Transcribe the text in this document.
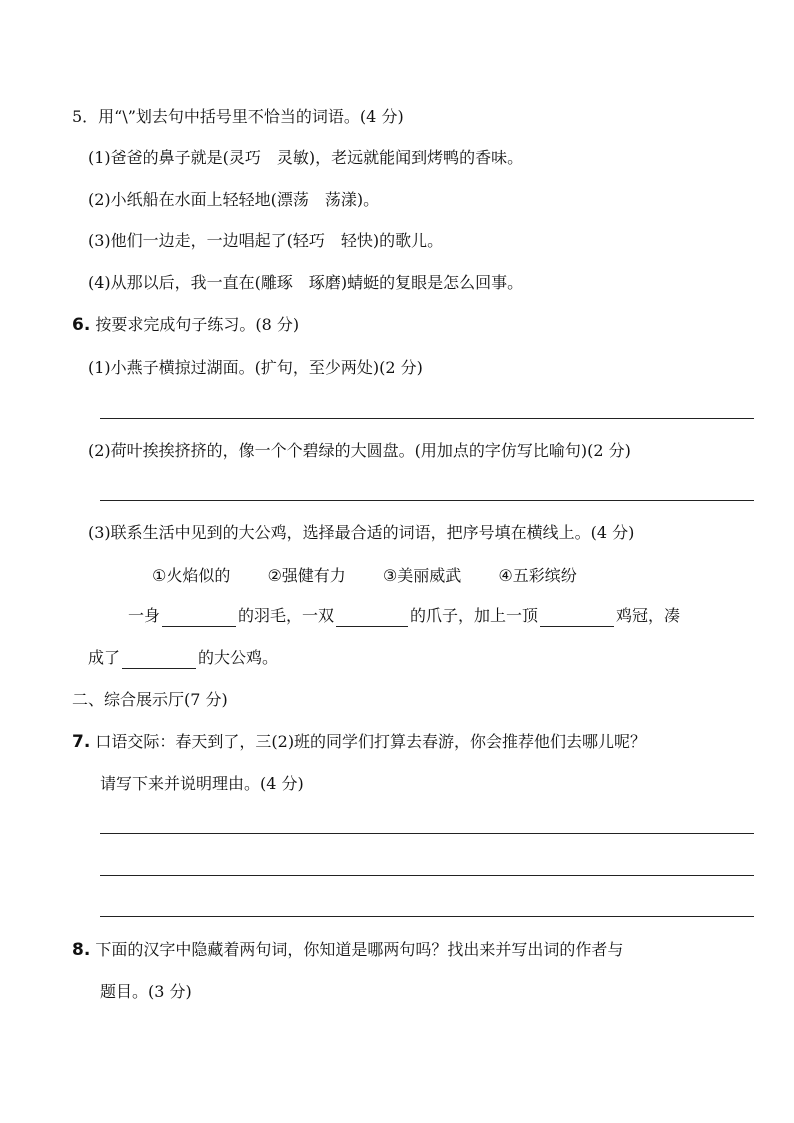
5．用“\”划去句中括号里不恰当的词语。(4 分)
(1)爸爸的鼻子就是(灵巧　灵敏)，老远就能闻到烤鸭的香味。
(2)小纸船在水面上轻轻地(漂荡　荡漾)。
(3)他们一边走，一边唱起了(轻巧　轻快)的歌儿。
(4)从那以后，我一直在(雕琢　琢磨)蜻蜓的复眼是怎么回事。
6. 按要求完成句子练习。(8 分)
(1)小燕子横掠过湖面。(扩句，至少两处)(2 分)
(2)荷叶挨挨挤挤的，像一个个碧绿的大圆盘。(用加点的字仿写比喻句)(2 分)
(3)联系生活中见到的大公鸡，选择最合适的词语，把序号填在横线上。(4 分)
①火焰似的 ②强健有力 ③美丽威武 ④五彩缤纷
一身	的羽毛，一双	的爪子，加上一顶	鸡冠，凑
成了	的大公鸡。
二、综合展示厅(7 分)
7. 口语交际：春天到了，三(2)班的同学们打算去春游，你会推荐他们去哪儿呢？
请写下来并说明理由。(4 分)
8. 下面的汉字中隐藏着两句词，你知道是哪两句吗？找出来并写出词的作者与
题目。(3 分)
